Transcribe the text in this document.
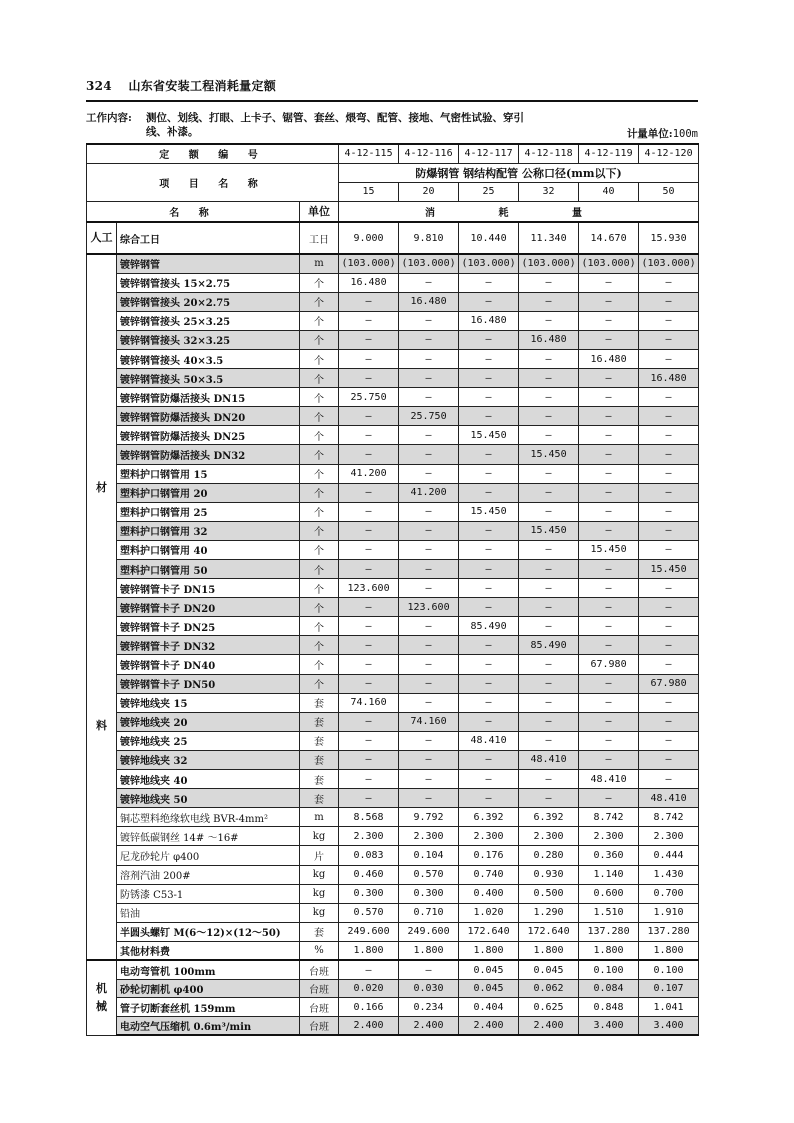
324 山东省安装工程消耗量定额
工作内容: 测位、划线、打眼、上卡子、锯管、套丝、煨弯、配管、接地、气密性试验、穿引
线、补漆。	计量单位:100m
定 额 编 号			4-12-115	4-12-116	4-12-117	4-12-118	4-12-119	4-12-120
项 目 名 称			防爆钢管 钢结构配管 公称口径(mm以下)					
			15	20	25	32	40	50
名 称		单位	消 耗 量					

人工	综合工日	工日	9.000	9.810	10.440	11.340	14.670	15.930

材
料	镀锌钢管	m	(103.000)	(103.000)	(103.000)	(103.000)	(103.000)	(103.000)
	镀锌钢管接头 15×2.75	个	16.480	—	—	—	—	—
	镀锌钢管接头 20×2.75	个	—	16.480	—	—	—	—
	镀锌钢管接头 25×3.25	个	—	—	16.480	—	—	—
	镀锌钢管接头 32×3.25	个	—	—	—	16.480	—	—
	镀锌钢管接头 40×3.5	个	—	—	—	—	16.480	—
	镀锌钢管接头 50×3.5	个	—	—	—	—	—	16.480
	镀锌钢管防爆活接头 DN15	个	25.750	—	—	—	—	—
	镀锌钢管防爆活接头 DN20	个	—	25.750	—	—	—	—
	镀锌钢管防爆活接头 DN25	个	—	—	15.450	—	—	—
	镀锌钢管防爆活接头 DN32	个	—	—	—	15.450	—	—
	塑料护口钢管用 15	个	41.200	—	—	—	—	—
	塑料护口钢管用 20	个	—	41.200	—	—	—	—
	塑料护口钢管用 25	个	—	—	15.450	—	—	—
	塑料护口钢管用 32	个	—	—	—	15.450	—	—
	塑料护口钢管用 40	个	—	—	—	—	15.450	—
	塑料护口钢管用 50	个	—	—	—	—	—	15.450
	镀锌钢管卡子 DN15	个	123.600	—	—	—	—	—
	镀锌钢管卡子 DN20	个	—	123.600	—	—	—	—
	镀锌钢管卡子 DN25	个	—	—	85.490	—	—	—
	镀锌钢管卡子 DN32	个	—	—	—	85.490	—	—
	镀锌钢管卡子 DN40	个	—	—	—	—	67.980	—
	镀锌钢管卡子 DN50	个	—	—	—	—	—	67.980
	镀锌地线夹 15	套	74.160	—	—	—	—	—
	镀锌地线夹 20	套	—	74.160	—	—	—	—
	镀锌地线夹 25	套	—	—	48.410	—	—	—
	镀锌地线夹 32	套	—	—	—	48.410	—	—
	镀锌地线夹 40	套	—	—	—	—	48.410	—
	镀锌地线夹 50	套	—	—	—	—	—	48.410
	铜芯塑料绝缘软电线 BVR-4mm²	m	8.568	9.792	6.392	6.392	8.742	8.742
	镀锌低碳钢丝 14# ～16#	kg	2.300	2.300	2.300	2.300	2.300	2.300
	尼龙砂轮片 φ400	片	0.083	0.104	0.176	0.280	0.360	0.444
	溶剂汽油 200#	kg	0.460	0.570	0.740	0.930	1.140	1.430
	防锈漆 C53-1	kg	0.300	0.300	0.400	0.500	0.600	0.700
	铅油	kg	0.570	0.710	1.020	1.290	1.510	1.910
	半圆头螺钉 M(6～12)×(12～50)	套	249.600	249.600	172.640	172.640	137.280	137.280
	其他材料费	%	1.800	1.800	1.800	1.800	1.800	1.800

机
械	电动弯管机 100mm	台班	—	—	0.045	0.045	0.100	0.100
	砂轮切割机 φ400	台班	0.020	0.030	0.045	0.062	0.084	0.107
	管子切断套丝机 159mm	台班	0.166	0.234	0.404	0.625	0.848	1.041
	电动空气压缩机 0.6m³/min	台班	2.400	2.400	2.400	2.400	3.400	3.400
